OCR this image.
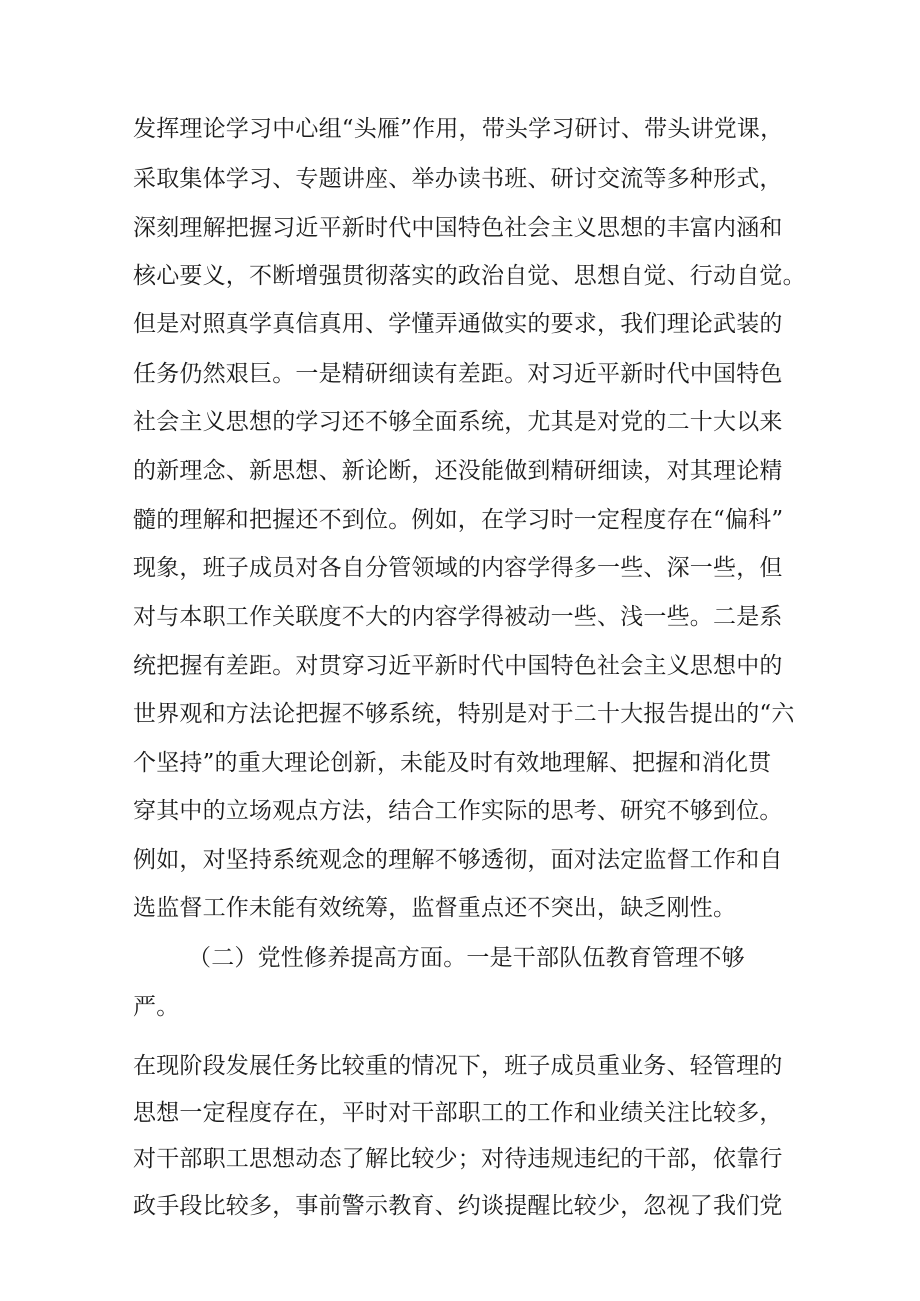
发挥理论学习中心组“头雁”作用，带头学习研讨、带头讲党课，
采取集体学习、专题讲座、举办读书班、研讨交流等多种形式，
深刻理解把握习近平新时代中国特色社会主义思想的丰富内涵和
核心要义，不断增强贯彻落实的政治自觉、思想自觉、行动自觉。
但是对照真学真信真用、学懂弄通做实的要求，我们理论武装的
任务仍然艰巨。一是精研细读有差距。对习近平新时代中国特色
社会主义思想的学习还不够全面系统，尤其是对党的二十大以来
的新理念、新思想、新论断，还没能做到精研细读，对其理论精
髓的理解和把握还不到位。例如，在学习时一定程度存在“偏科”
现象，班子成员对各自分管领域的内容学得多一些、深一些，但
对与本职工作关联度不大的内容学得被动一些、浅一些。二是系
统把握有差距。对贯穿习近平新时代中国特色社会主义思想中的
世界观和方法论把握不够系统，特别是对于二十大报告提出的“六
个坚持”的重大理论创新，未能及时有效地理解、把握和消化贯
穿其中的立场观点方法，结合工作实际的思考、研究不够到位。
例如，对坚持系统观念的理解不够透彻，面对法定监督工作和自
选监督工作未能有效统筹，监督重点还不突出，缺乏刚性。
（二）党性修养提高方面。一是干部队伍教育管理不够
严。
在现阶段发展任务比较重的情况下，班子成员重业务、轻管理的
思想一定程度存在，平时对干部职工的工作和业绩关注比较多，
对干部职工思想动态了解比较少；对待违规违纪的干部，依靠行
政手段比较多，事前警示教育、约谈提醒比较少，忽视了我们党
